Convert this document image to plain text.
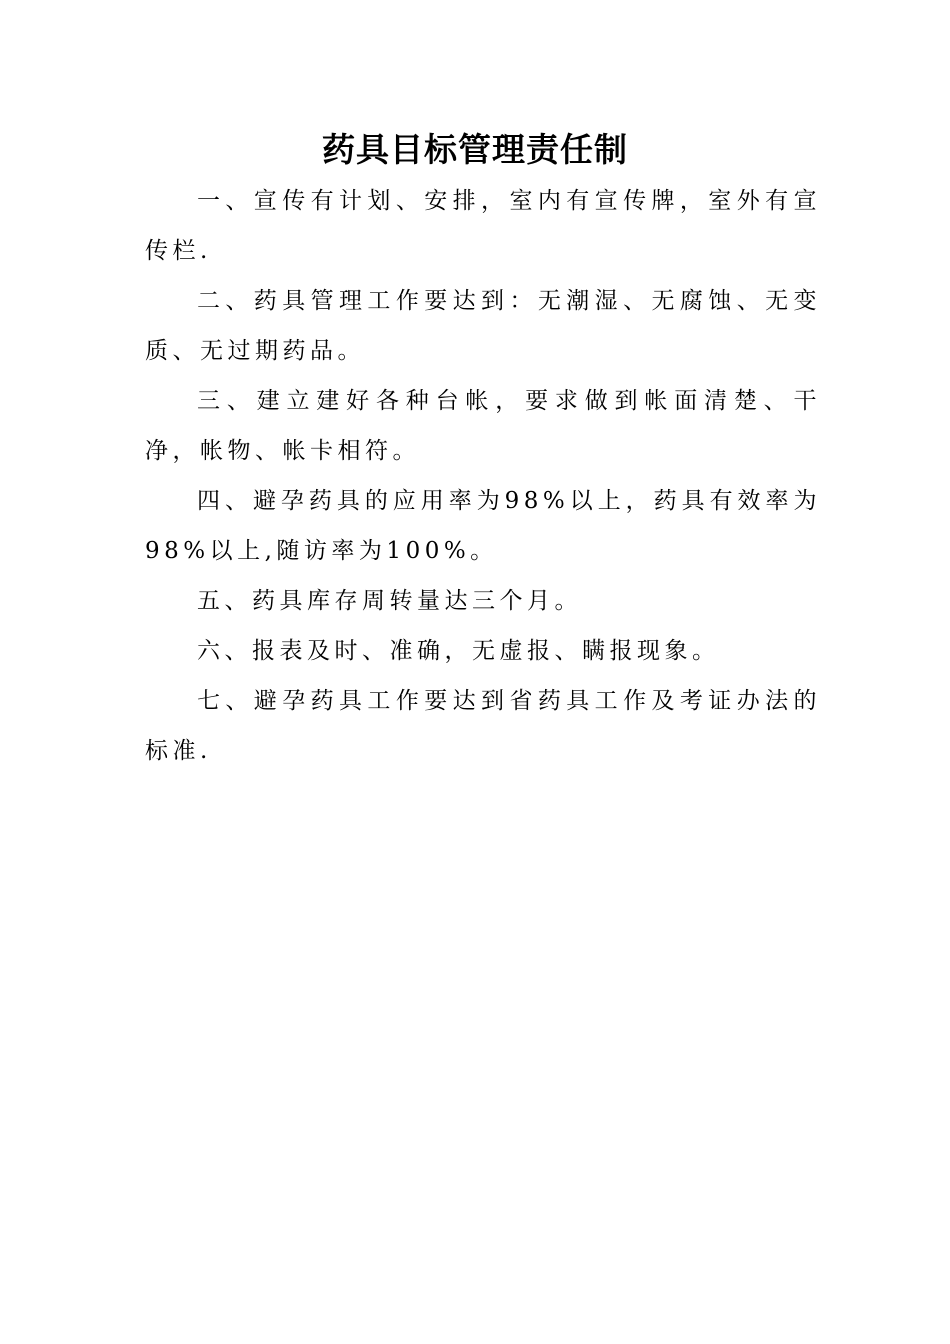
药具目标管理责任制

一、宣传有计划、安排，室内有宣传牌，室外有宣传栏.

二、药具管理工作要达到：无潮湿、无腐蚀、无变质、无过期药品。

三、建立建好各种台帐，要求做到帐面清楚、干净，帐物、帐卡相符。

四、避孕药具的应用率为98%以上，药具有效率为98%以上,随访率为100%。

五、药具库存周转量达三个月。

六、报表及时、准确，无虚报、瞒报现象。

七、避孕药具工作要达到省药具工作及考证办法的标准.
